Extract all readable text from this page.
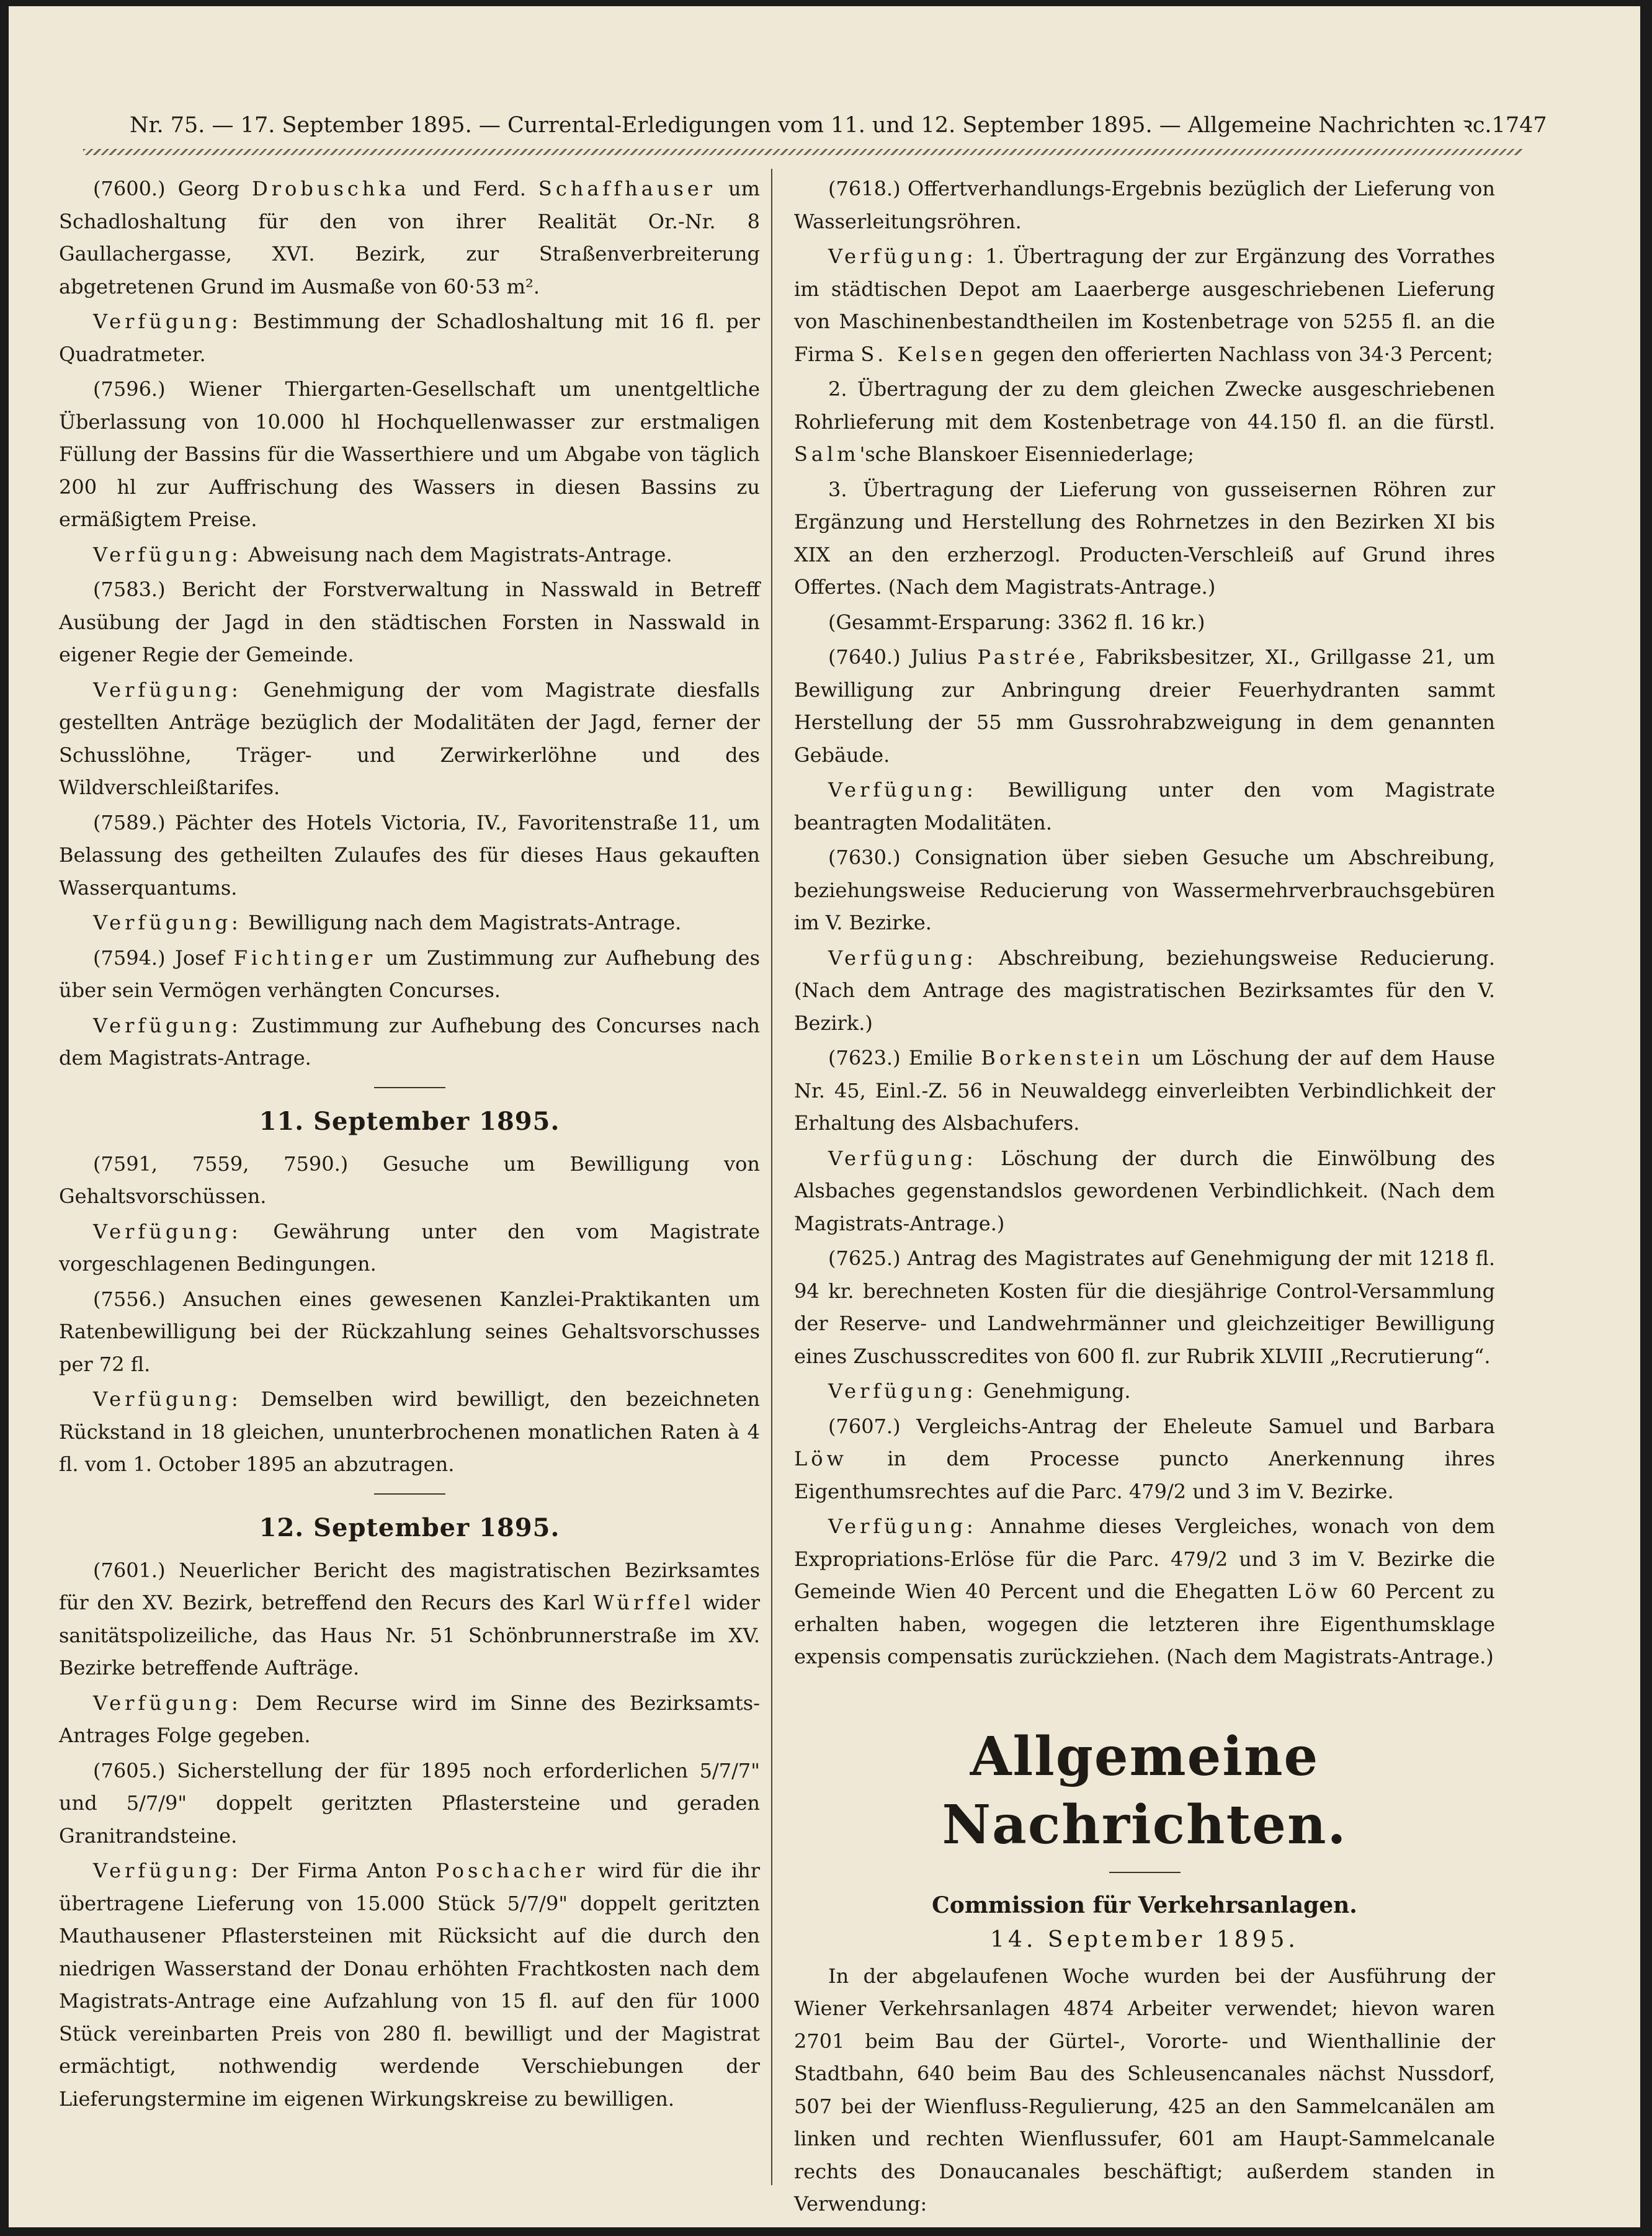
Nr. 75. — 17. September 1895. — Currental-Erledigungen vom 11. und 12. September 1895. — Allgemeine Nachrichten ꝛc. 1747

(7600.) Georg Drobuschka und Ferd. Schaffhauser um Schadloshaltung für den von ihrer Realität Or.-Nr. 8 Gaullachergasse, XVI. Bezirk, zur Straßenverbreiterung abgetretenen Grund im Ausmaße von 60·53 m².

Verfügung: Bestimmung der Schadloshaltung mit 16 fl. per Quadratmeter.

(7596.) Wiener Thiergarten-Gesellschaft um unentgeltliche Überlassung von 10.000 hl Hochquellenwasser zur erstmaligen Füllung der Bassins für die Wasserthiere und um Abgabe von täglich 200 hl zur Auffrischung des Wassers in diesen Bassins zu ermäßigtem Preise.

Verfügung: Abweisung nach dem Magistrats-Antrage.

(7583.) Bericht der Forstverwaltung in Nasswald in Betreff Ausübung der Jagd in den städtischen Forsten in Nasswald in eigener Regie der Gemeinde.

Verfügung: Genehmigung der vom Magistrate diesfalls gestellten Anträge bezüglich der Modalitäten der Jagd, ferner der Schusslöhne, Träger- und Zerwirkerlöhne und des Wildverschleißtarifes.

(7589.) Pächter des Hotels Victoria, IV., Favoritenstraße 11, um Belassung des getheilten Zulaufes des für dieses Haus gekauften Wasserquantums.

Verfügung: Bewilligung nach dem Magistrats-Antrage.

(7594.) Josef Fichtinger um Zustimmung zur Aufhebung des über sein Vermögen verhängten Concurses.

Verfügung: Zustimmung zur Aufhebung des Concurses nach dem Magistrats-Antrage.

11. September 1895.

(7591, 7559, 7590.) Gesuche um Bewilligung von Gehaltsvorschüssen.

Verfügung: Gewährung unter den vom Magistrate vorgeschlagenen Bedingungen.

(7556.) Ansuchen eines gewesenen Kanzlei-Praktikanten um Ratenbewilligung bei der Rückzahlung seines Gehaltsvorschusses per 72 fl.

Verfügung: Demselben wird bewilligt, den bezeichneten Rückstand in 18 gleichen, ununterbrochenen monatlichen Raten à 4 fl. vom 1. October 1895 an abzutragen.

12. September 1895.

(7601.) Neuerlicher Bericht des magistratischen Bezirksamtes für den XV. Bezirk, betreffend den Recurs des Karl Würffel wider sanitätspolizeiliche, das Haus Nr. 51 Schönbrunnerstraße im XV. Bezirke betreffende Aufträge.

Verfügung: Dem Recurse wird im Sinne des Bezirksamts-Antrages Folge gegeben.

(7605.) Sicherstellung der für 1895 noch erforderlichen 5/7/7" und 5/7/9" doppelt geritzten Pflastersteine und geraden Granitrandsteine.

Verfügung: Der Firma Anton Poschacher wird für die ihr übertragene Lieferung von 15.000 Stück 5/7/9" doppelt geritzten Mauthausener Pflastersteinen mit Rücksicht auf die durch den niedrigen Wasserstand der Donau erhöhten Frachtkosten nach dem Magistrats-Antrage eine Aufzahlung von 15 fl. auf den für 1000 Stück vereinbarten Preis von 280 fl. bewilligt und der Magistrat ermächtigt, nothwendig werdende Verschiebungen der Lieferungstermine im eigenen Wirkungskreise zu bewilligen.

(7618.) Offertverhandlungs-Ergebnis bezüglich der Lieferung von Wasserleitungsröhren.

Verfügung: 1. Übertragung der zur Ergänzung des Vorrathes im städtischen Depot am Laaerberge ausgeschriebenen Lieferung von Maschinenbestandtheilen im Kostenbetrage von 5255 fl. an die Firma S. Kelsen gegen den offerierten Nachlass von 34·3 Percent;

2. Übertragung der zu dem gleichen Zwecke ausgeschriebenen Rohrlieferung mit dem Kostenbetrage von 44.150 fl. an die fürstl. Salm'sche Blanskoer Eisenniederlage;

3. Übertragung der Lieferung von gusseisernen Röhren zur Ergänzung und Herstellung des Rohrnetzes in den Bezirken XI bis XIX an den erzherzogl. Producten-Verschleiß auf Grund ihres Offertes. (Nach dem Magistrats-Antrage.)

(Gesammt-Ersparung: 3362 fl. 16 kr.)

(7640.) Julius Pastrée, Fabriksbesitzer, XI., Grillgasse 21, um Bewilligung zur Anbringung dreier Feuerhydranten sammt Herstellung der 55 mm Gussrohrabzweigung in dem genannten Gebäude.

Verfügung: Bewilligung unter den vom Magistrate beantragten Modalitäten.

(7630.) Consignation über sieben Gesuche um Abschreibung, beziehungsweise Reducierung von Wassermehrverbrauchsgebüren im V. Bezirke.

Verfügung: Abschreibung, beziehungsweise Reducierung. (Nach dem Antrage des magistratischen Bezirksamtes für den V. Bezirk.)

(7623.) Emilie Borkenstein um Löschung der auf dem Hause Nr. 45, Einl.-Z. 56 in Neuwaldegg einverleibten Verbindlichkeit der Erhaltung des Alsbachufers.

Verfügung: Löschung der durch die Einwölbung des Alsbaches gegenstandslos gewordenen Verbindlichkeit. (Nach dem Magistrats-Antrage.)

(7625.) Antrag des Magistrates auf Genehmigung der mit 1218 fl. 94 kr. berechneten Kosten für die diesjährige Control-Versammlung der Reserve- und Landwehrmänner und gleichzeitiger Bewilligung eines Zuschusscredites von 600 fl. zur Rubrik XLVIII „Recrutierung“.

Verfügung: Genehmigung.

(7607.) Vergleichs-Antrag der Eheleute Samuel und Barbara Löw in dem Processe puncto Anerkennung ihres Eigenthumsrechtes auf die Parc. 479/2 und 3 im V. Bezirke.

Verfügung: Annahme dieses Vergleiches, wonach von dem Expropriations-Erlöse für die Parc. 479/2 und 3 im V. Bezirke die Gemeinde Wien 40 Percent und die Ehegatten Löw 60 Percent zu erhalten haben, wogegen die letzteren ihre Eigenthumsklage expensis compensatis zurückziehen. (Nach dem Magistrats-Antrage.)

Allgemeine Nachrichten.
Commission für Verkehrsanlagen.
14. September 1895.

In der abgelaufenen Woche wurden bei der Ausführung der Wiener Verkehrsanlagen 4874 Arbeiter verwendet; hievon waren 2701 beim Bau der Gürtel-, Vororte- und Wienthallinie der Stadtbahn, 640 beim Bau des Schleusencanales nächst Nussdorf, 507 bei der Wienfluss-Regulierung, 425 an den Sammelcanälen am linken und rechten Wienflussufer, 601 am Haupt-Sammelcanale rechts des Donaucanales beschäftigt; außerdem standen in Verwendung:
